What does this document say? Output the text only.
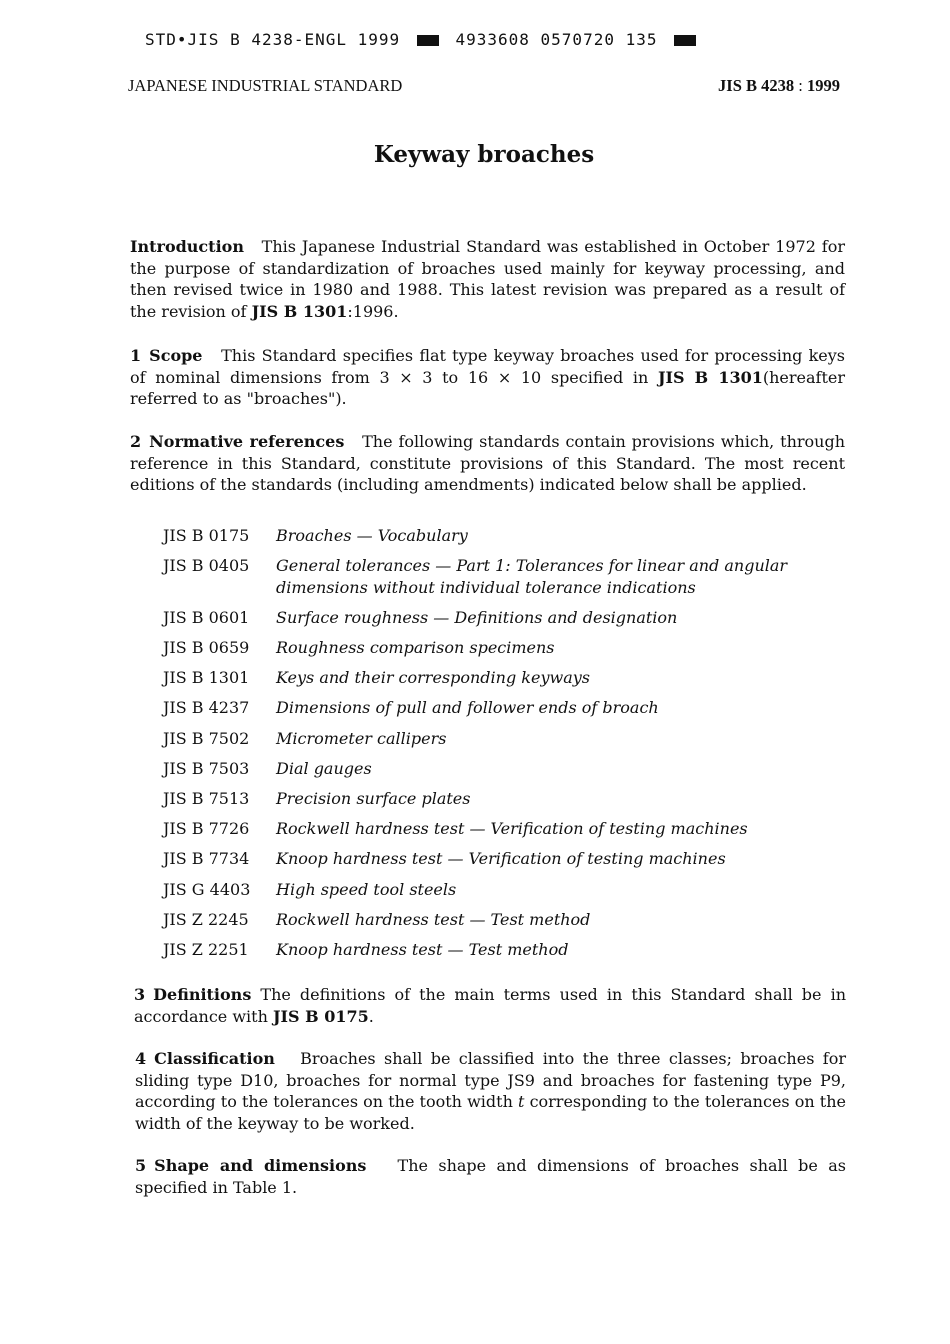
STD•JIS B 4238-ENGL 1999	4933608 0570720 135
JAPANESE INDUSTRIAL STANDARD	JIS B 4238 : 1999
Keyway broaches

Introduction This Japanese Industrial Standard was established in October 1972 for the purpose of standardization of broaches used mainly for keyway processing, and then revised twice in 1980 and 1988. This latest revision was prepared as a result of the revision of JIS B 1301:1996.

1 Scope This Standard specifies flat type keyway broaches used for processing keys of nominal dimensions from 3 × 3 to 16 × 10 specified in JIS B 1301(hereafter referred to as "broaches").

2 Normative references The following standards contain provisions which, through reference in this Standard, constitute provisions of this Standard. The most recent editions of the standards (including amendments) indicated below shall be applied.

JIS B 0175 Broaches — Vocabulary
JIS B 0405 General tolerances — Part 1: Tolerances for linear and angular dimensions without individual tolerance indications
JIS B 0601 Surface roughness — Definitions and designation
JIS B 0659 Roughness comparison specimens
JIS B 1301 Keys and their corresponding keyways
JIS B 4237 Dimensions of pull and follower ends of broach
JIS B 7502 Micrometer callipers
JIS B 7503 Dial gauges
JIS B 7513 Precision surface plates
JIS B 7726 Rockwell hardness test — Verification of testing machines
JIS B 7734 Knoop hardness test — Verification of testing machines
JIS G 4403 High speed tool steels
JIS Z 2245 Rockwell hardness test — Test method
JIS Z 2251 Knoop hardness test — Test method

3 Definitions The definitions of the main terms used in this Standard shall be in accordance with JIS B 0175.

4 Classification Broaches shall be classified into the three classes; broaches for sliding type D10, broaches for normal type JS9 and broaches for fastening type P9, according to the tolerances on the tooth width t corresponding to the tolerances on the width of the keyway to be worked.

5 Shape and dimensions The shape and dimensions of broaches shall be as specified in Table 1.
